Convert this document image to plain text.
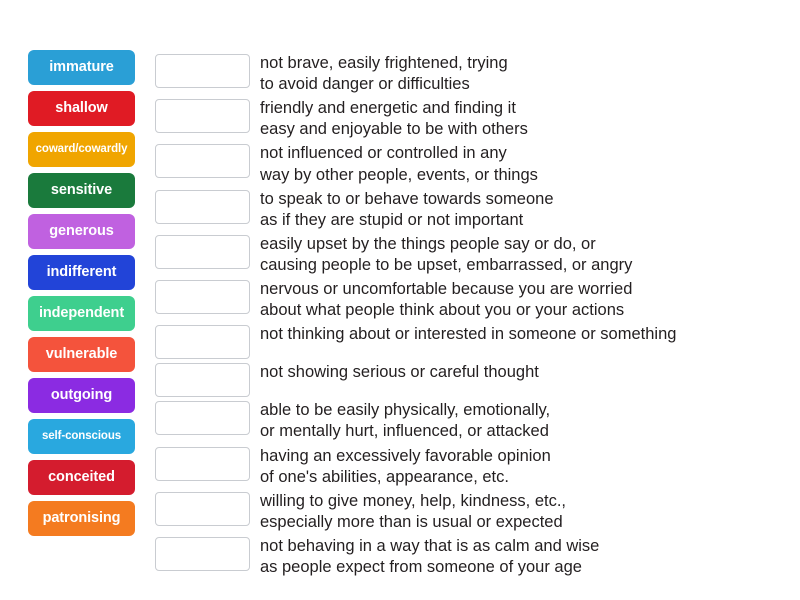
immature
shallow
coward/cowardly
sensitive
generous
indifferent
independent
vulnerable
outgoing
self-conscious
conceited
patronising
not brave, easily frightened, trying
to avoid danger or difficulties
friendly and energetic and finding it
easy and enjoyable to be with others
not influenced or controlled in any
way by other people, events, or things
to speak to or behave towards someone
as if they are stupid or not important
easily upset by the things people say or do, or
causing people to be upset, embarrassed, or angry
nervous or uncomfortable because you are worried
about what people think about you or your actions
not thinking about or interested in someone or something
not showing serious or careful thought
able to be easily physically, emotionally,
or mentally hurt, influenced, or attacked
having an excessively favorable opinion
of one's abilities, appearance, etc.
willing to give money, help, kindness, etc.,
especially more than is usual or expected
not behaving in a way that is as calm and wise
as people expect from someone of your age
